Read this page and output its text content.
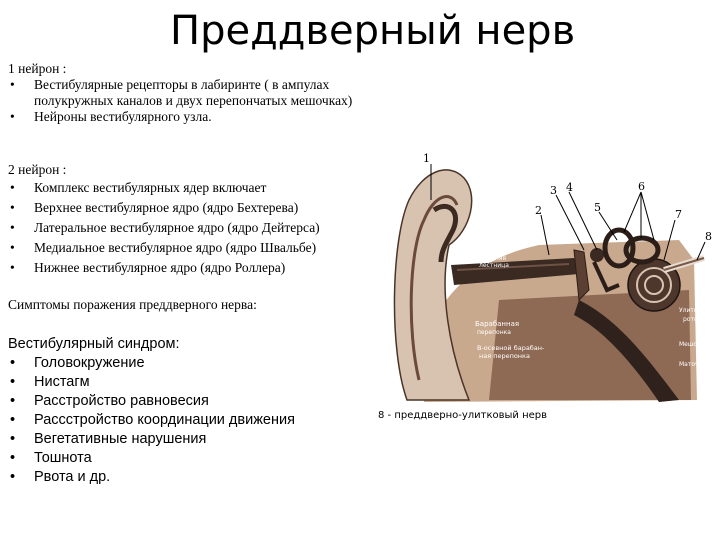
Преддверный нерв
1 нейрон :
• Вестибулярные рецепторы в лабиринте ( в ампулах полукружных каналов и двух перепончатых мешочках)
• Нейроны вестибулярного узла.
2 нейрон :
• Комплекс вестибулярных ядер включает
• Верхнее вестибулярное ядро (ядро Бехтерева)
• Латеральное вестибулярное ядро (ядро Дейтерса)
• Медиальное вестибулярное ядро (ядро Швальбе)
• Нижнее вестибулярное ядро (ядро Роллера)
Симптомы поражения преддверного нерва:
Вестибулярный синдром:
• Головокружение
• Нистагм
• Расстройство равновесия
• Рассстройство координации движения
• Вегетативные нарушения
• Тошнота
• Рвота и др.
1
2
3 4
5
6
7
8
Средняя
лестница
Барабанная
перепонка
В-осевной барабан-
ная перепонка
Улитковый
ротон
Мешочек
Маточка
8 - преддверно-улитковый нерв
